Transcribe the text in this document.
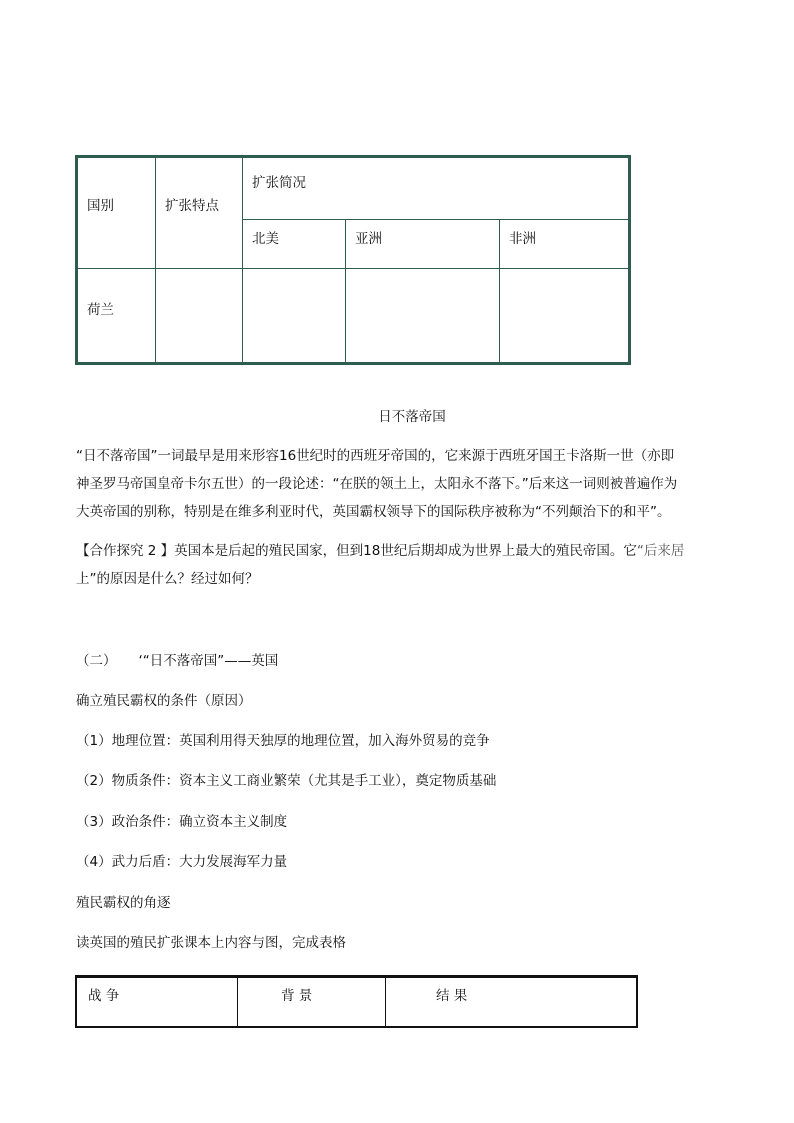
国别	扩张特点
扩张简况
北美	亚洲	非洲
荷兰
日不落帝国
“日不落帝国”一词最早是用来形容16世纪时的西班牙帝国的，它来源于西班牙国王卡洛斯一世（亦即
神圣罗马帝国皇帝卡尔五世）的一段论述：“在朕的领土上，太阳永不落下。”后来这一词则被普遍作为
大英帝国的别称，特别是在维多利亚时代，英国霸权领导下的国际秩序被称为“不列颠治下的和平”。
【合作探究 2 】英国本是后起的殖民国家，但到18世纪后期却成为世界上最大的殖民帝国。它“后来居
上”的原因是什么？经过如何？
（二） ‘“日不落帝国”——英国
确立殖民霸权的条件（原因）
（1）地理位置：英国利用得天独厚的地理位置，加入海外贸易的竞争
（2）物质条件：资本主义工商业繁荣（尤其是手工业），奠定物质基础
（3）政治条件：确立资本主义制度
（4）武力后盾：大力发展海军力量
殖民霸权的角逐
读英国的殖民扩张课本上内容与图，完成表格
战 争	背 景	结 果
